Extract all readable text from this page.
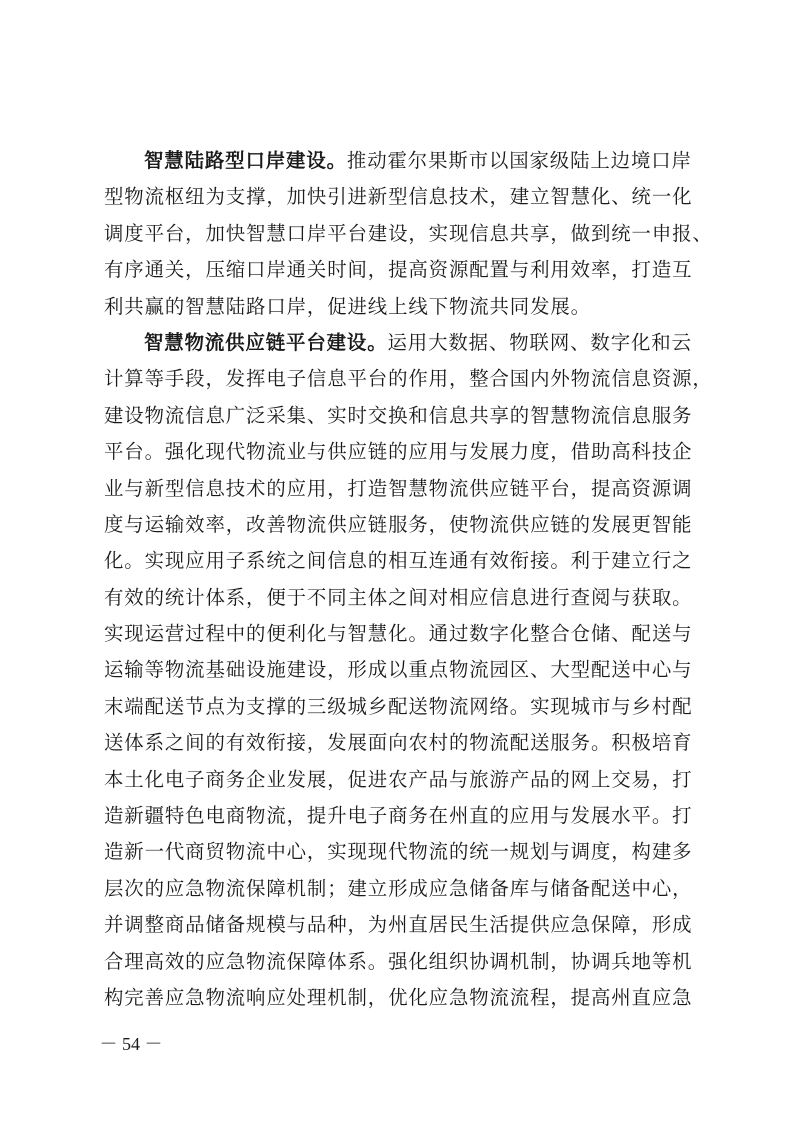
智慧陆路型口岸建设。推动霍尔果斯市以国家级陆上边境口岸
型物流枢纽为支撑，加快引进新型信息技术，建立智慧化、统一化
调度平台，加快智慧口岸平台建设，实现信息共享，做到统一申报、
有序通关，压缩口岸通关时间，提高资源配置与利用效率，打造互
利共赢的智慧陆路口岸，促进线上线下物流共同发展。

智慧物流供应链平台建设。运用大数据、物联网、数字化和云
计算等手段，发挥电子信息平台的作用，整合国内外物流信息资源，
建设物流信息广泛采集、实时交换和信息共享的智慧物流信息服务
平台。强化现代物流业与供应链的应用与发展力度，借助高科技企
业与新型信息技术的应用，打造智慧物流供应链平台，提高资源调
度与运输效率，改善物流供应链服务，使物流供应链的发展更智能
化。实现应用子系统之间信息的相互连通有效衔接。利于建立行之
有效的统计体系，便于不同主体之间对相应信息进行查阅与获取。
实现运营过程中的便利化与智慧化。通过数字化整合仓储、配送与
运输等物流基础设施建设，形成以重点物流园区、大型配送中心与
末端配送节点为支撑的三级城乡配送物流网络。实现城市与乡村配
送体系之间的有效衔接，发展面向农村的物流配送服务。积极培育
本土化电子商务企业发展，促进农产品与旅游产品的网上交易，打
造新疆特色电商物流，提升电子商务在州直的应用与发展水平。打
造新一代商贸物流中心，实现现代物流的统一规划与调度，构建多
层次的应急物流保障机制；建立形成应急储备库与储备配送中心，
并调整商品储备规模与品种，为州直居民生活提供应急保障，形成
合理高效的应急物流保障体系。强化组织协调机制，协调兵地等机
构完善应急物流响应处理机制，优化应急物流流程，提高州直应急

－ 54 －
